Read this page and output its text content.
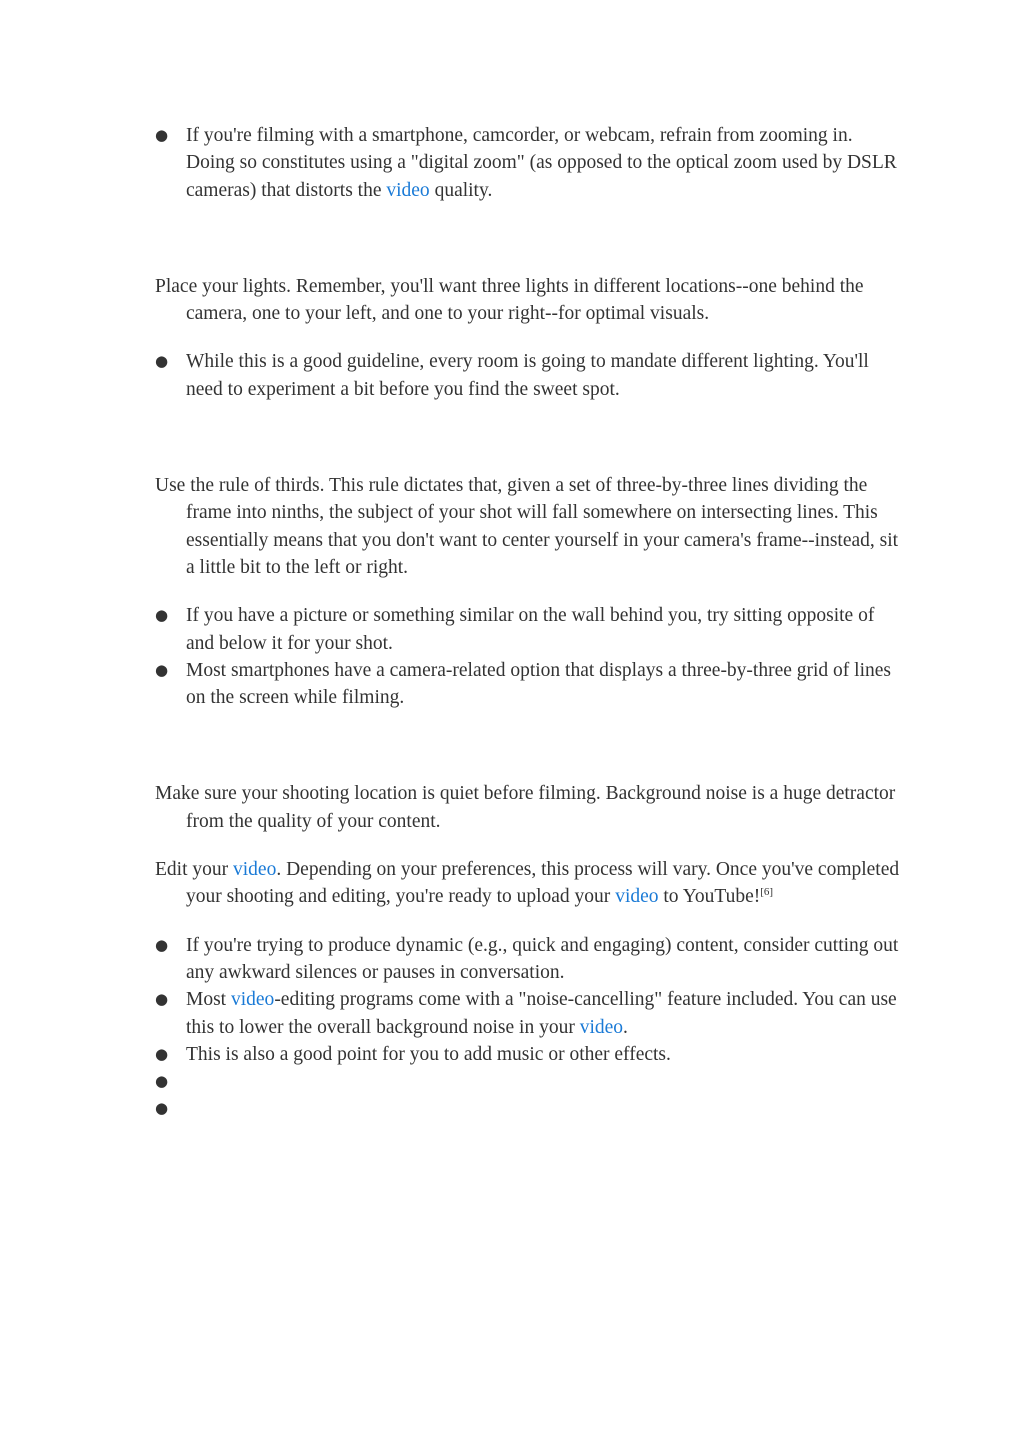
● If you're filming with a smartphone, camcorder, or webcam, refrain from zooming in. Doing so constitutes using a "digital zoom" (as opposed to the optical zoom used by DSLR cameras) that distorts the video quality.

Place your lights. Remember, you'll want three lights in different locations--one behind the camera, one to your left, and one to your right--for optimal visuals.

● While this is a good guideline, every room is going to mandate different lighting. You'll need to experiment a bit before you find the sweet spot.

Use the rule of thirds. This rule dictates that, given a set of three-by-three lines dividing the frame into ninths, the subject of your shot will fall somewhere on intersecting lines. This essentially means that you don't want to center yourself in your camera's frame--instead, sit a little bit to the left or right.

● If you have a picture or something similar on the wall behind you, try sitting opposite of and below it for your shot.
● Most smartphones have a camera-related option that displays a three-by-three grid of lines on the screen while filming.

Make sure your shooting location is quiet before filming. Background noise is a huge detractor from the quality of your content.

Edit your video. Depending on your preferences, this process will vary. Once you've completed your shooting and editing, you're ready to upload your video to YouTube![6]

● If you're trying to produce dynamic (e.g., quick and engaging) content, consider cutting out any awkward silences or pauses in conversation.
● Most video-editing programs come with a "noise-cancelling" feature included. You can use this to lower the overall background noise in your video.
● This is also a good point for you to add music or other effects.
●
●
